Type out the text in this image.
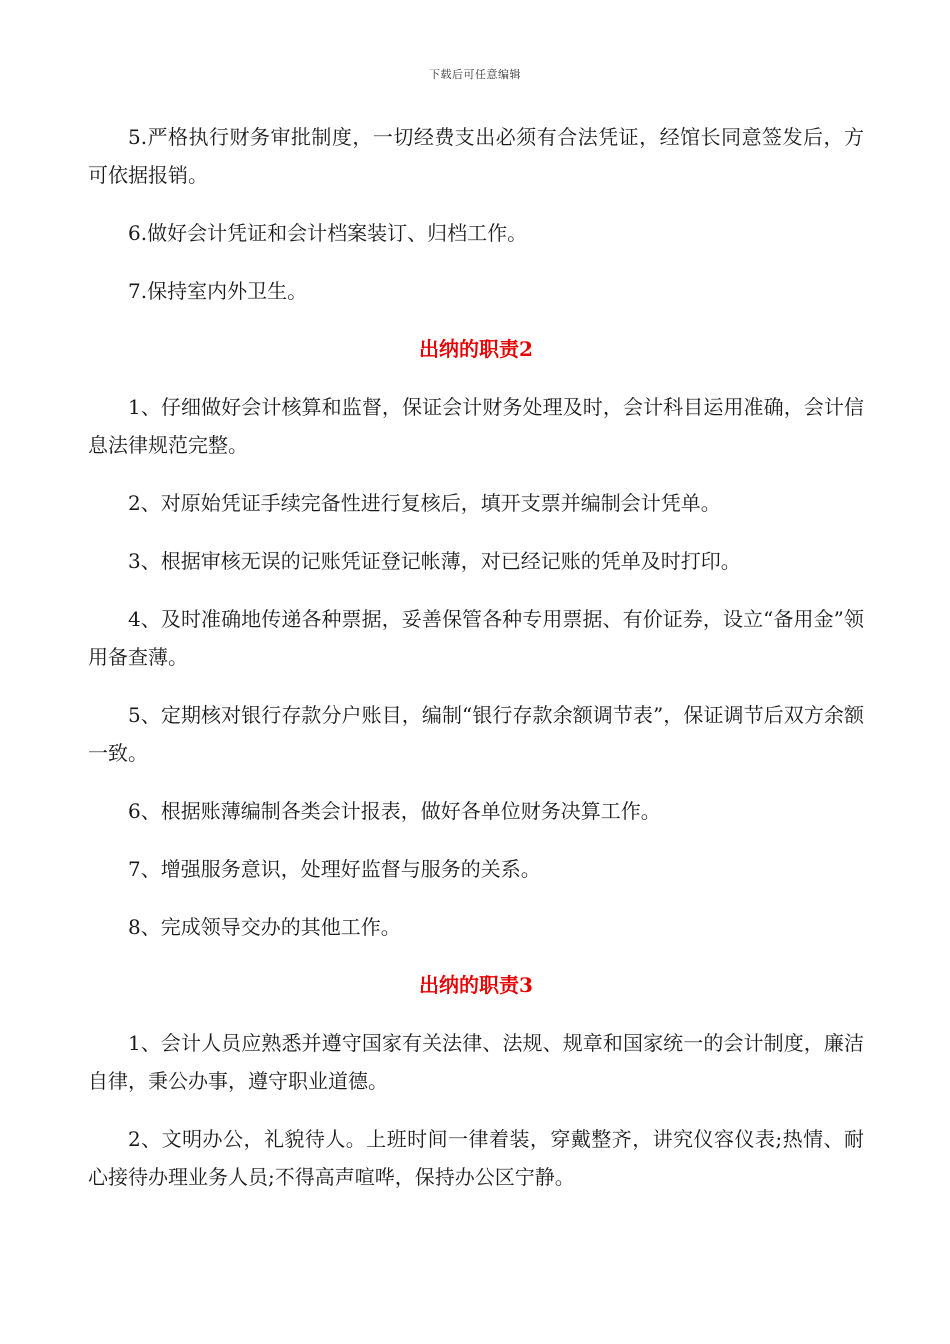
下载后可任意编辑

5.严格执行财务审批制度，一切经费支出必须有合法凭证，经馆长同意签发后，方可依据报销。

6.做好会计凭证和会计档案装订、归档工作。

7.保持室内外卫生。

出纳的职责2

1、仔细做好会计核算和监督，保证会计财务处理及时，会计科目运用准确，会计信息法律规范完整。

2、对原始凭证手续完备性进行复核后，填开支票并编制会计凭单。

3、根据审核无误的记账凭证登记帐薄，对已经记账的凭单及时打印。

4、及时准确地传递各种票据，妥善保管各种专用票据、有价证券，设立“备用金”领用备查薄。

5、定期核对银行存款分户账目，编制“银行存款余额调节表”，保证调节后双方余额一致。

6、根据账薄编制各类会计报表，做好各单位财务决算工作。

7、增强服务意识，处理好监督与服务的关系。

8、完成领导交办的其他工作。

出纳的职责3

1、会计人员应熟悉并遵守国家有关法律、法规、规章和国家统一的会计制度，廉洁自律，秉公办事，遵守职业道德。

2、文明办公，礼貌待人。上班时间一律着装，穿戴整齐，讲究仪容仪表;热情、耐心接待办理业务人员;不得高声喧哗，保持办公区宁静。
